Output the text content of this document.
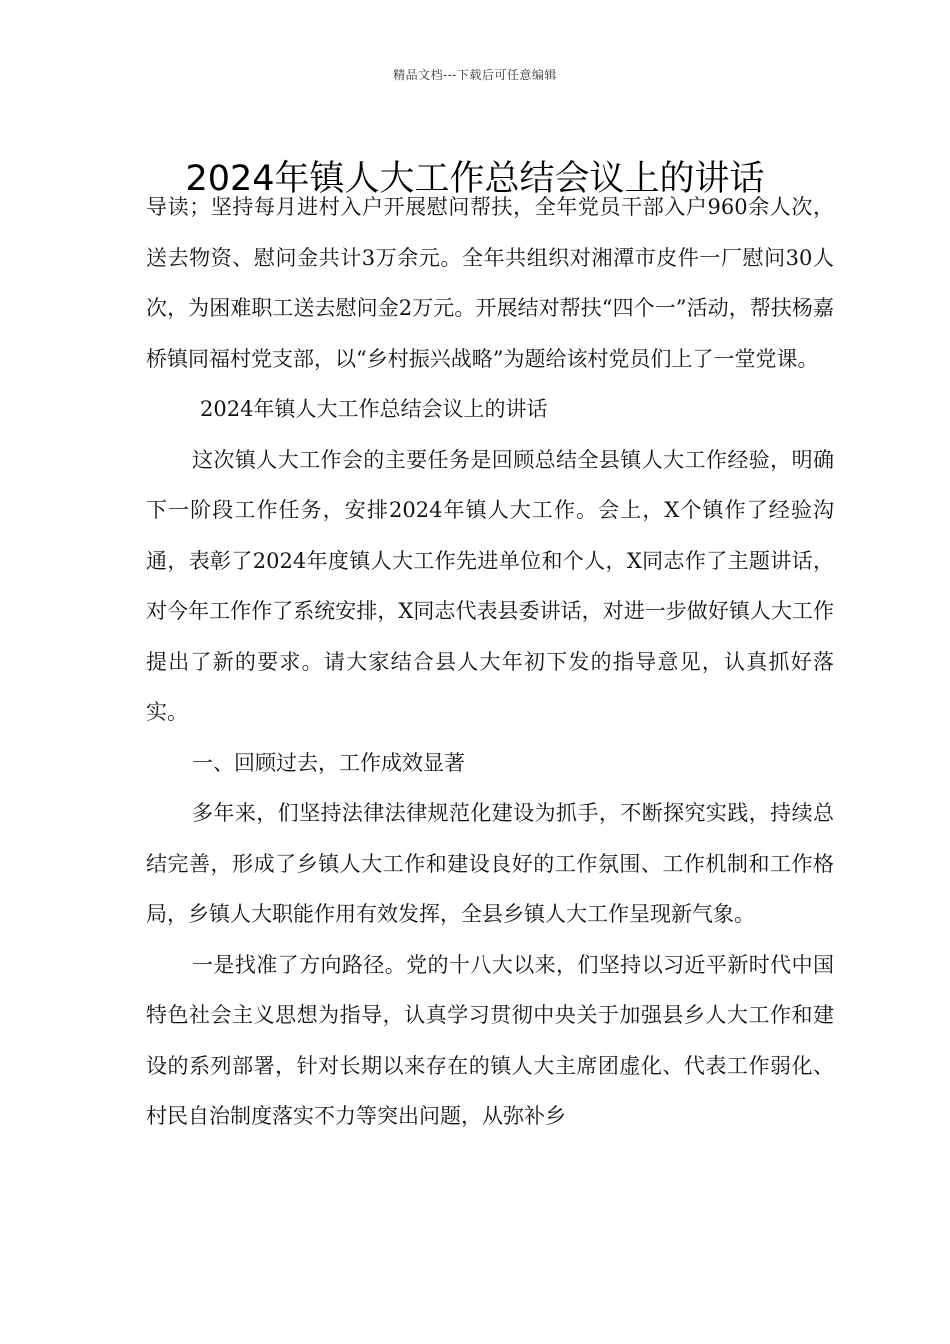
精品文档---下载后可任意编辑
2024年镇人大工作总结会议上的讲话

导读；坚持每月进村入户开展慰问帮扶，全年党员干部入户960余人次，送去物资、慰问金共计3万余元。全年共组织对湘潭市皮件一厂慰问30人次，为困难职工送去慰问金2万元。开展结对帮扶“四个一”活动，帮扶杨嘉桥镇同福村党支部，以“乡村振兴战略”为题给该村党员们上了一堂党课。

2024年镇人大工作总结会议上的讲话

这次镇人大工作会的主要任务是回顾总结全县镇人大工作经验，明确下一阶段工作任务，安排2024年镇人大工作。会上，X个镇作了经验沟通，表彰了2024年度镇人大工作先进单位和个人，X同志作了主题讲话，对今年工作作了系统安排，X同志代表县委讲话，对进一步做好镇人大工作提出了新的要求。请大家结合县人大年初下发的指导意见，认真抓好落实。

一、回顾过去，工作成效显著

多年来，们坚持法律法律规范化建设为抓手，不断探究实践，持续总结完善，形成了乡镇人大工作和建设良好的工作氛围、工作机制和工作格局，乡镇人大职能作用有效发挥，全县乡镇人大工作呈现新气象。

一是找准了方向路径。党的十八大以来，们坚持以习近平新时代中国特色社会主义思想为指导，认真学习贯彻中央关于加强县乡人大工作和建设的系列部署，针对长期以来存在的镇人大主席团虚化、代表工作弱化、村民自治制度落实不力等突出问题，从弥补乡
